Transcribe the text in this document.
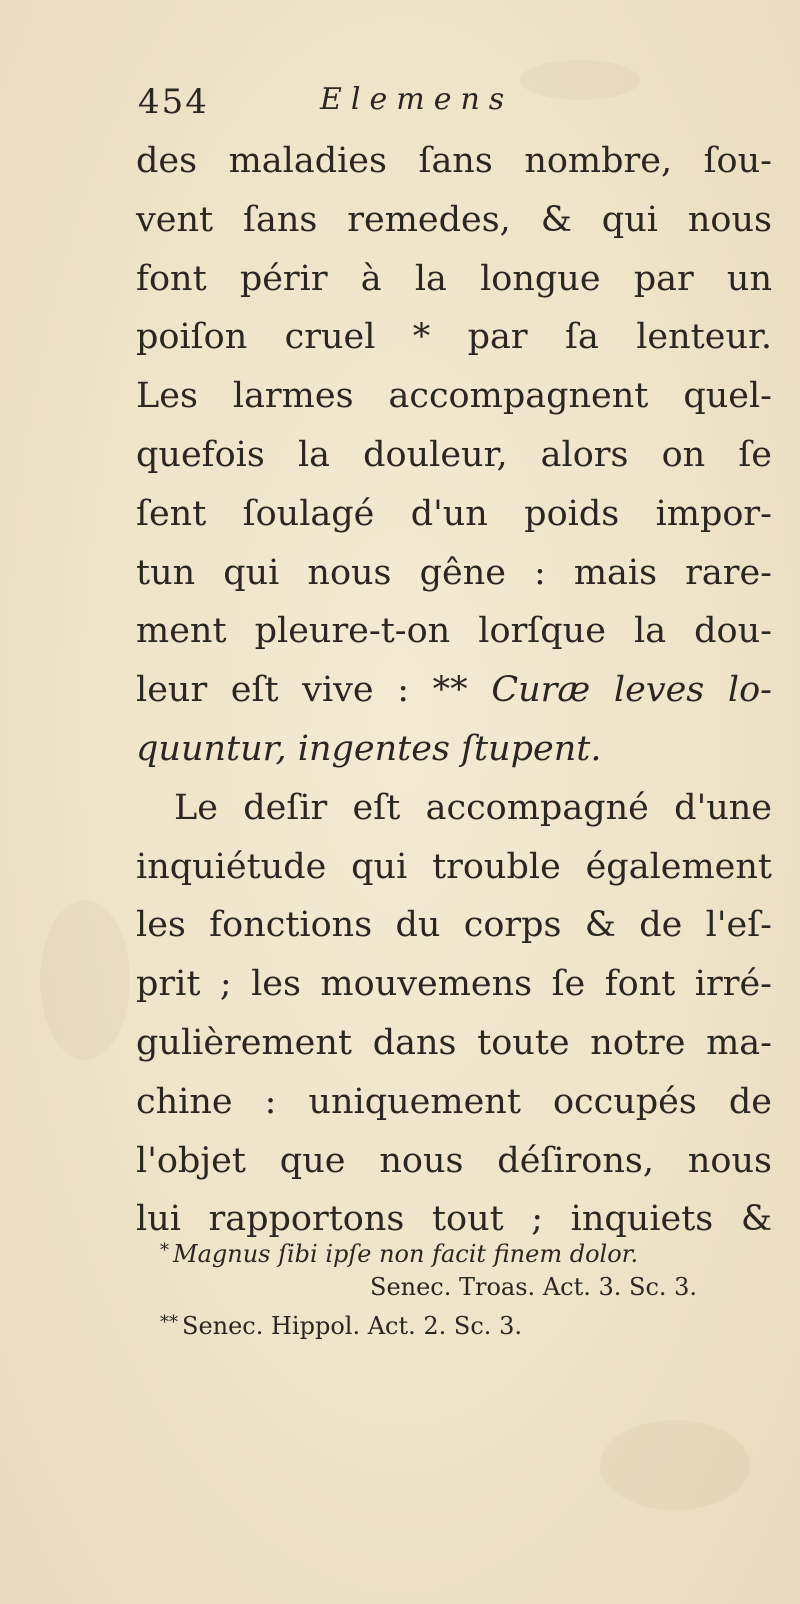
454	Elemens
des maladies ſans nombre, ſou-
vent ſans remedes, & qui nous
font périr à la longue par un
poiſon cruel * par ſa lenteur.
Les larmes accompagnent quel-
quefois la douleur, alors on ſe
ſent ſoulagé d'un poids impor-
tun qui nous gêne : mais rare-
ment pleure-t-on lorſque la dou-
leur eſt vive : ** Curæ leves lo-
quuntur, ingentes ſtupent.
Le deſir eſt accompagné d'une
inquiétude qui trouble également
les fonctions du corps & de l'eſ-
prit ; les mouvemens ſe font irré-
gulièrement dans toute notre ma-
chine : uniquement occupés de
l'objet que nous déſirons, nous
lui rapportons tout ; inquiets &
* Magnus ſibi ipſe non facit finem dolor.
Senec. Troas. Act. 3. Sc. 3.
** Senec. Hippol. Act. 2. Sc. 3.
